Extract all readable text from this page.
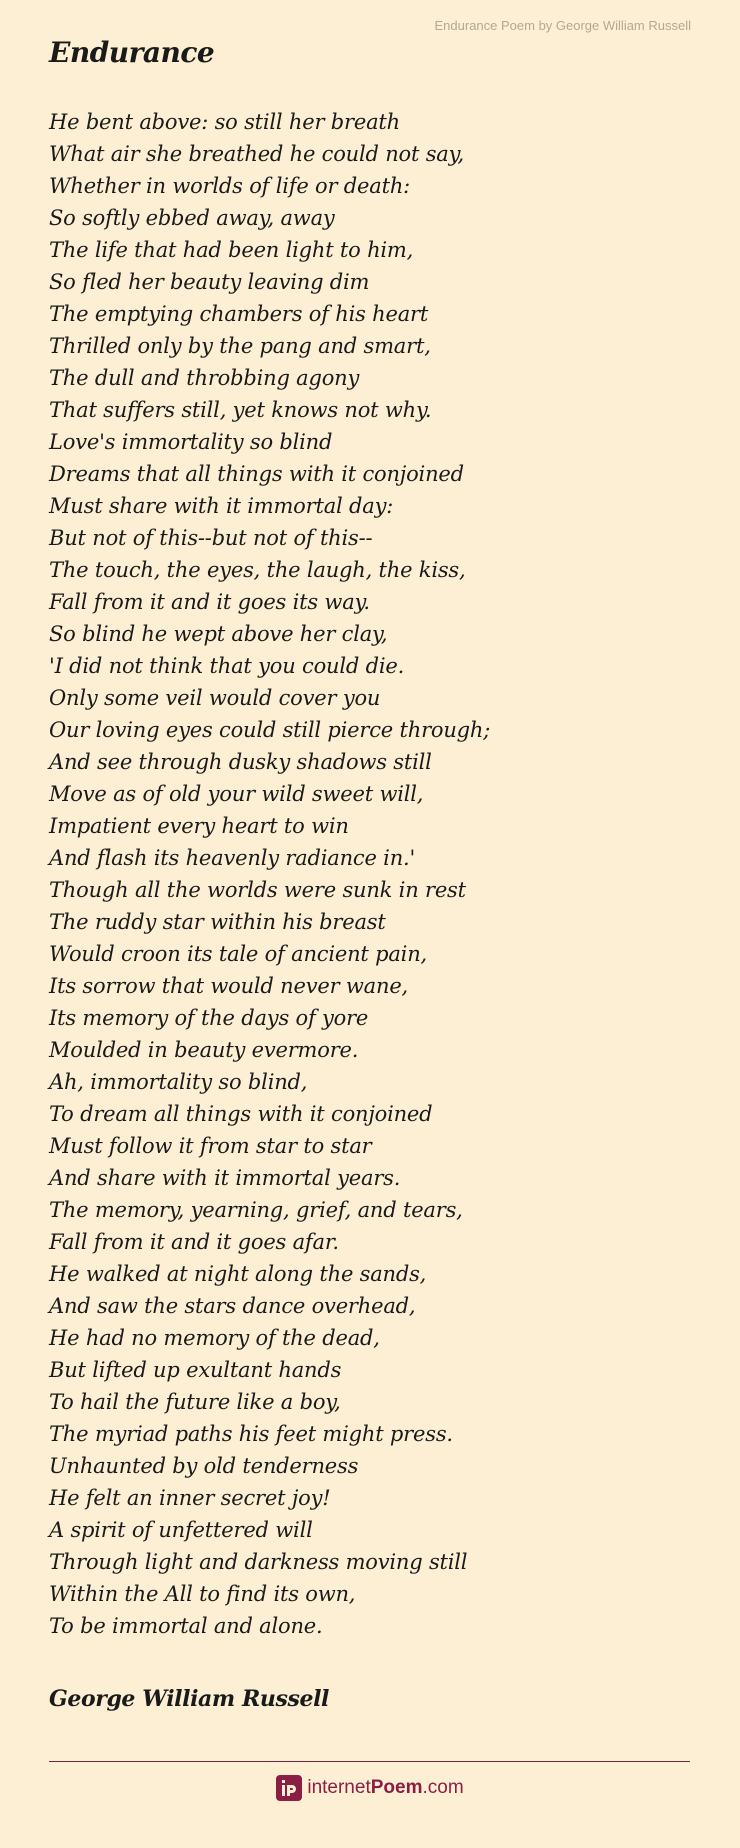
Endurance Poem by George William Russell
Endurance
He bent above: so still her breath
What air she breathed he could not say,
Whether in worlds of life or death:
So softly ebbed away, away
The life that had been light to him,
So fled her beauty leaving dim
The emptying chambers of his heart
Thrilled only by the pang and smart,
The dull and throbbing agony
That suffers still, yet knows not why.
Love's immortality so blind
Dreams that all things with it conjoined
Must share with it immortal day:
But not of this--but not of this--
The touch, the eyes, the laugh, the kiss,
Fall from it and it goes its way.
So blind he wept above her clay,
'I did not think that you could die.
Only some veil would cover you
Our loving eyes could still pierce through;
And see through dusky shadows still
Move as of old your wild sweet will,
Impatient every heart to win
And flash its heavenly radiance in.'
Though all the worlds were sunk in rest
The ruddy star within his breast
Would croon its tale of ancient pain,
Its sorrow that would never wane,
Its memory of the days of yore
Moulded in beauty evermore.
Ah, immortality so blind,
To dream all things with it conjoined
Must follow it from star to star
And share with it immortal years.
The memory, yearning, grief, and tears,
Fall from it and it goes afar.
He walked at night along the sands,
And saw the stars dance overhead,
He had no memory of the dead,
But lifted up exultant hands
To hail the future like a boy,
The myriad paths his feet might press.
Unhaunted by old tenderness
He felt an inner secret joy!
A spirit of unfettered will
Through light and darkness moving still
Within the All to find its own,
To be immortal and alone.
George William Russell
internetPoem.com
